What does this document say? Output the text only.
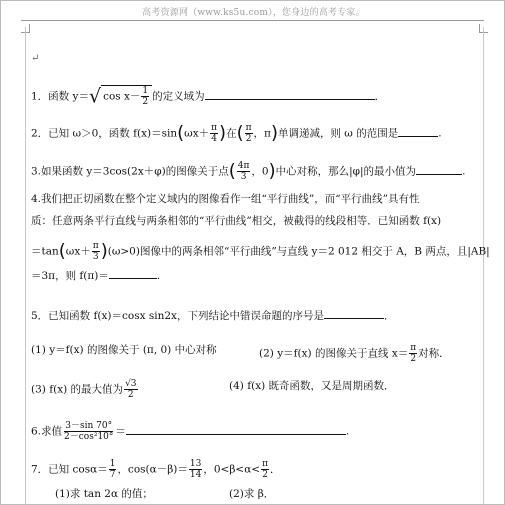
高考资源网（www.ks5u.com），您身边的高考专家。
↵
1．函数 y＝√ $\cos x- \frac{1}{2}$ 的定义域为	．
2．已知 ω＞0，函数 $f(x)=\sin(\omega x+ \frac{\pi}{4}$ )在( $\frac{\pi}{2}$ ，π)单调递减，则 ω 的范围是	.
3.如果函数 y＝3cos(2x＋φ)的图像关于点( $\frac{4\pi}{3}$ ，0)中心对称，那么|φ|的最小值为	.
4.我们把正切函数在整个定义域内的图像看作一组“平行曲线”，而“平行曲线”具有性
质：任意两条平行直线与两条相邻的“平行曲线”相交，被截得的线段相等．已知函数 f(x)
$=\tan(\omega x+ \frac{\pi}{3} )(\omega>0)$图像中的两条相邻“平行曲线”与直线 y＝2 012 相交于 A，B 两点，且|AB|
＝3π，则 f(π)＝	.
5．已知函数 f(x)＝cosx sin2x，下列结论中错误命题的序号是	．
(1) y＝f(x) 的图像关于 (π, 0) 中心对称	(2) y＝f(x) 的图像关于直线 $x= \frac{\pi}{2}$ 对称．
(3) f(x) 的最大值为 $\frac{√3}{2}$	(4) f(x) 既奇函数，又是周期函数．
6.求值 $\frac{3-\sin 70^\circ}{\text{2－cos²10°}}$ ＝	.
7．已知 $\cos\alpha= \frac{1}{7}$ ，$\cos(\alpha-\beta)= \frac{13}{14}$ ，$0<\beta<\alpha< \frac{\pi}{2}$ ．
(1)求 tan 2α 的值；	(2)求 β．
